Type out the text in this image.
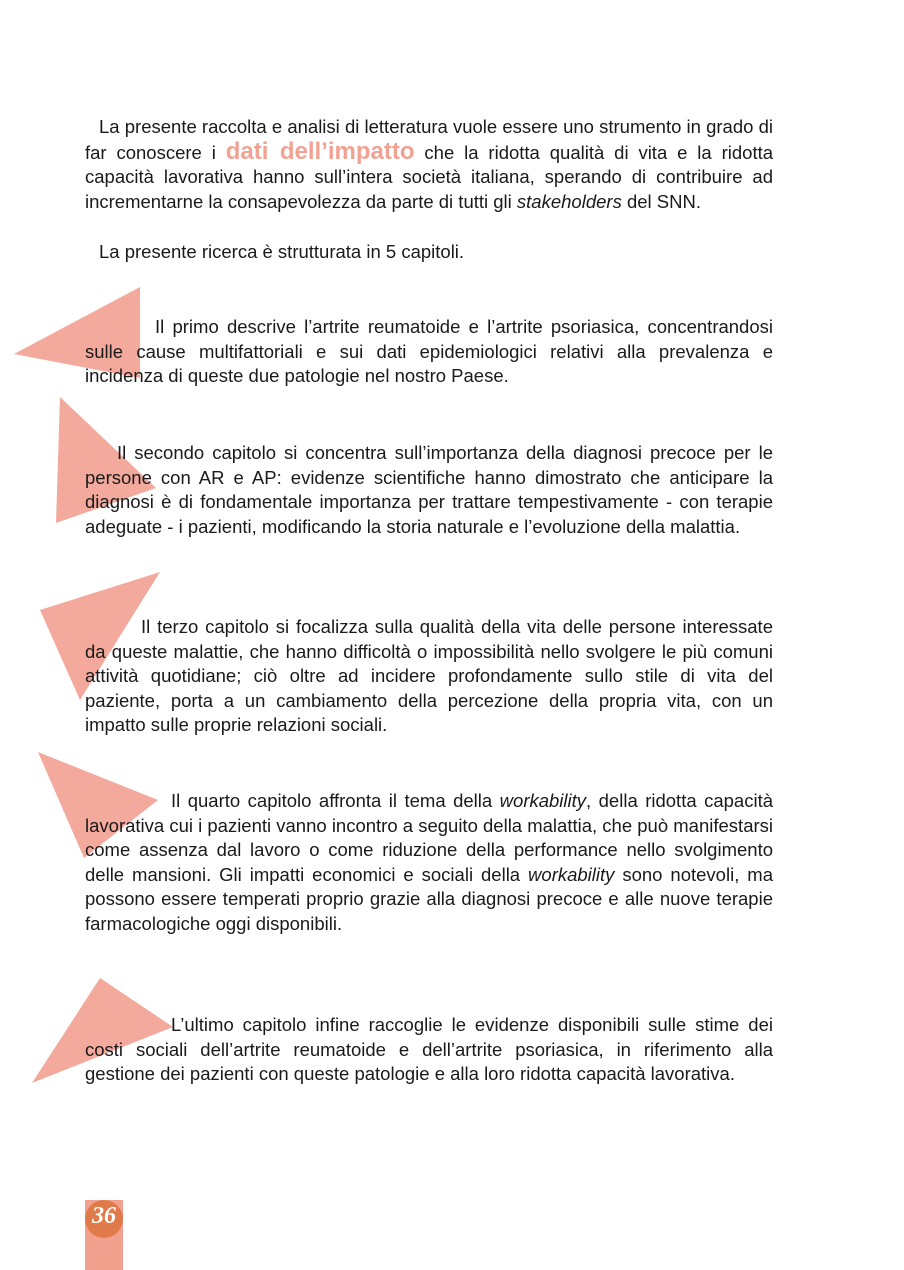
La presente raccolta e analisi di letteratura vuole essere uno strumento in grado di far conoscere i dati dell’impatto che la ridotta qualità di vita e la ridotta capacità lavorativa hanno sull’intera società italiana, sperando di contribuire ad incrementarne la consapevolezza da parte di tutti gli stakeholders del SNN.

La presente ricerca è strutturata in 5 capitoli.

Il primo descrive l’artrite reumatoide e l’artrite psoriasica, concentrandosi sulle cause multifattoriali e sui dati epidemiologici relativi alla prevalenza e incidenza di queste due patologie nel nostro Paese.

Il secondo capitolo si concentra sull’importanza della diagnosi precoce per le persone con AR e AP: evidenze scientifiche hanno dimostrato che anticipare la diagnosi è di fondamentale importanza per trattare tempestivamente - con terapie adeguate - i pazienti, modificando la storia naturale e l’evoluzione della malattia.

Il terzo capitolo si focalizza sulla qualità della vita delle persone interessate da queste malattie, che hanno difficoltà o impossibilità nello svolgere le più comuni attività quotidiane; ciò oltre ad incidere profondamente sullo stile di vita del paziente, porta a un cambiamento della percezione della propria vita, con un impatto sulle proprie relazioni sociali.

Il quarto capitolo affronta il tema della workability, della ridotta capacità lavorativa cui i pazienti vanno incontro a seguito della malattia, che può manifestarsi come assenza dal lavoro o come riduzione della performance nello svolgimento delle mansioni. Gli impatti economici e sociali della workability sono notevoli, ma possono essere temperati proprio grazie alla diagnosi precoce e alle nuove terapie farmacologiche oggi disponibili.

L’ultimo capitolo infine raccoglie le evidenze disponibili sulle stime dei costi sociali dell’artrite reumatoide e dell’artrite psoriasica, in riferimento alla gestione dei pazienti con queste patologie e alla loro ridotta capacità lavorativa.

36
